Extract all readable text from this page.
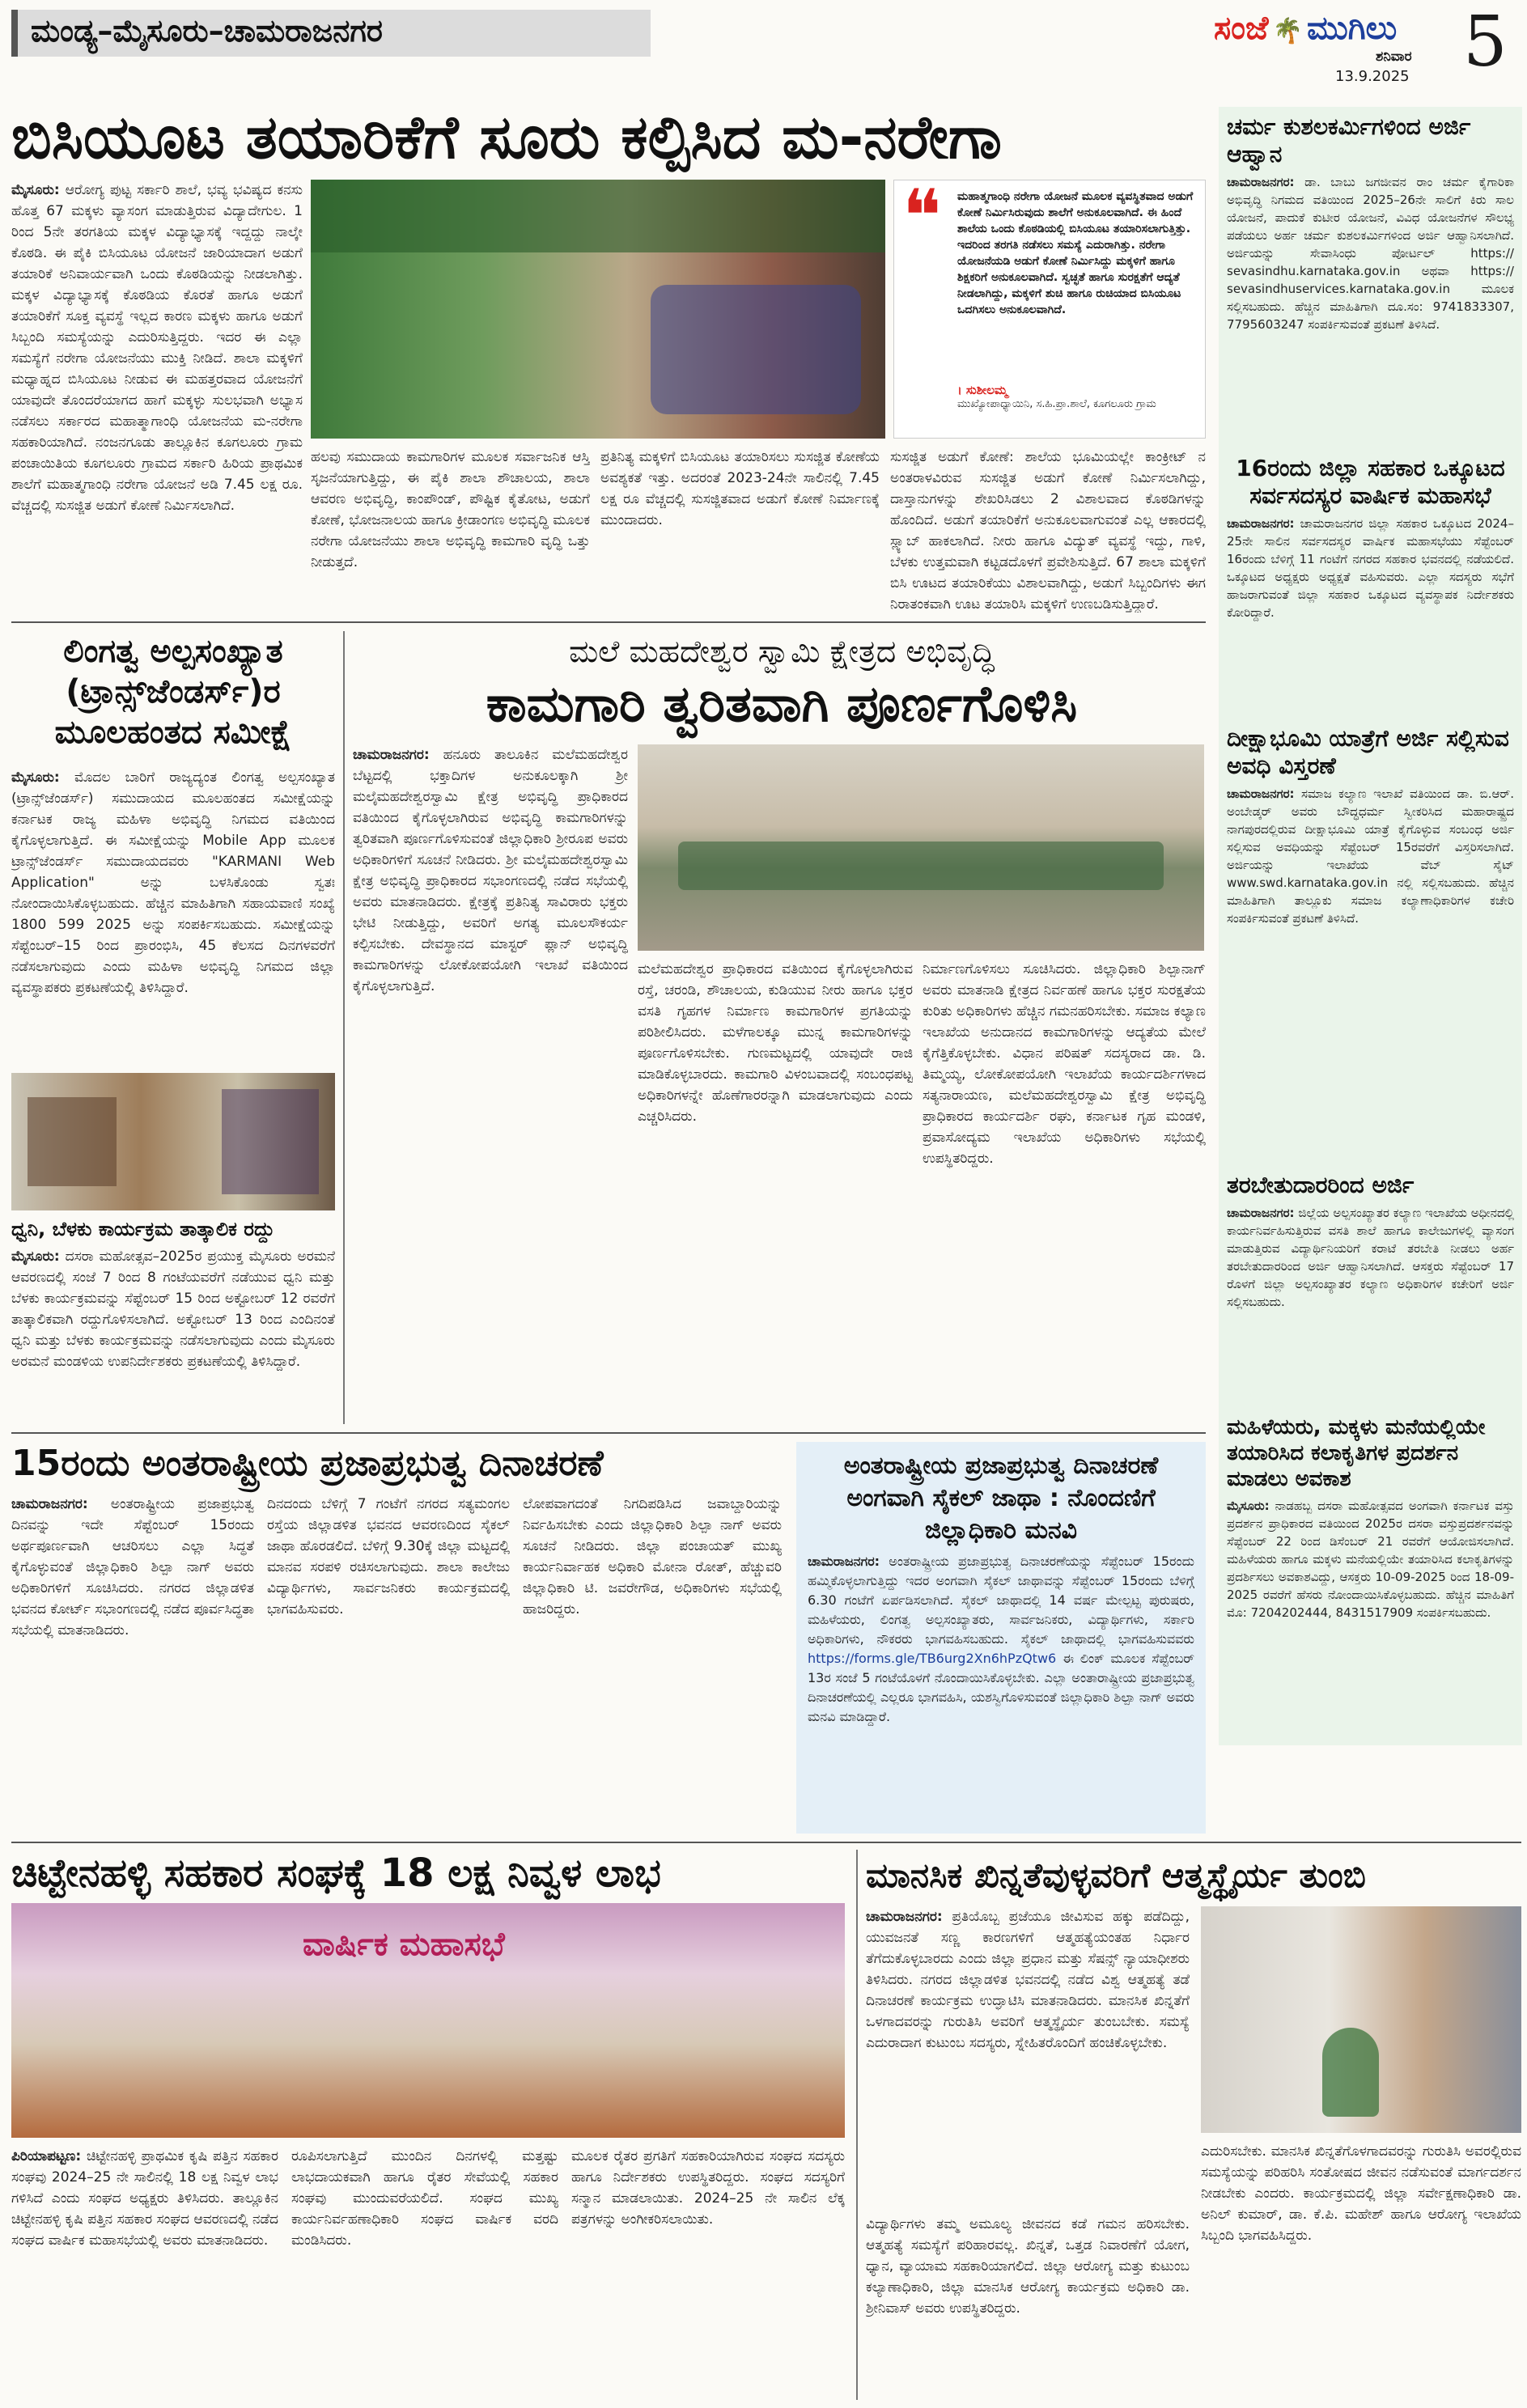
ಮಂಡ್ಯ–ಮೈಸೂರು–ಚಾಮರಾಜನಗರ	ಸಂಜೆ 🌴 ಮುಗಿಲು
ಶನಿವಾರ
13.9.2025 5
ಬಿಸಿಯೂಟ ತಯಾರಿಕೆಗೆ ಸೂರು ಕಲ್ಪಿಸಿದ ಮ-ನರೇಗಾ
ಮೈಸೂರು: ಆರೋಗ್ಯ ಪುಟ್ಟ ಸರ್ಕಾರಿ ಶಾಲೆ, ಭವ್ಯ ಭವಿಷ್ಯದ ಕನಸು ಹೊತ್ತ 67 ಮಕ್ಕಳು ವ್ಯಾಸಂಗ ಮಾಡುತ್ತಿರುವ ವಿದ್ಯಾದೇಗುಲ. 1 ರಿಂದ 5ನೇ ತರಗತಿಯ ಮಕ್ಕಳ ವಿದ್ಯಾಭ್ಯಾಸಕ್ಕೆ ಇದ್ದದ್ದು ನಾಲ್ಕೇ ಕೊಠಡಿ. ಈ ಪೈಕಿ ಬಿಸಿಯೂಟ ಯೋಜನೆ ಜಾರಿಯಾದಾಗ ಅಡುಗೆ ತಯಾರಿಕೆ ಅನಿವಾರ್ಯವಾಗಿ ಒಂದು ಕೊಠಡಿಯನ್ನು ನೀಡಲಾಗಿತ್ತು. ಮಕ್ಕಳ ವಿದ್ಯಾಭ್ಯಾಸಕ್ಕೆ ಕೊಠಡಿಯ ಕೊರತೆ ಹಾಗೂ ಅಡುಗೆ ತಯಾರಿಕೆಗೆ ಸೂಕ್ತ ವ್ಯವಸ್ಥೆ ಇಲ್ಲದ ಕಾರಣ ಮಕ್ಕಳು ಹಾಗೂ ಅಡುಗೆ ಸಿಬ್ಬಂದಿ ಸಮಸ್ಯೆಯನ್ನು ಎದುರಿಸುತ್ತಿದ್ದರು. ಇದರ ಈ ಎಲ್ಲಾ ಸಮಸ್ಯೆಗೆ ನರೇಗಾ ಯೋಜನೆಯು ಮುಕ್ತಿ ನೀಡಿದೆ. ಶಾಲಾ ಮಕ್ಕಳಿಗೆ ಮಧ್ಯಾಹ್ನದ ಬಿಸಿಯೂಟ ನೀಡುವ ಈ ಮಹತ್ತರವಾದ ಯೋಜನೆಗೆ ಯಾವುದೇ ತೊಂದರೆಯಾಗದ ಹಾಗೆ ಮಕ್ಕಳ್ಳು ಸುಲಭವಾಗಿ ಅಭ್ಯಾಸ ನಡೆಸಲು ಸರ್ಕಾರದ ಮಹಾತ್ಮಾಗಾಂಧಿ ಯೋಜನೆಯ ಮ-ನರೇಗಾ ಸಹಕಾರಿಯಾಗಿದೆ. ನಂಜನಗೂಡು ತಾಲ್ಲೂಕಿನ ಕೂಗಲೂರು ಗ್ರಾಮ ಪಂಚಾಯಿತಿಯ ಕೂಗಲೂರು ಗ್ರಾಮದ ಸರ್ಕಾರಿ ಹಿರಿಯ ಪ್ರಾಥಮಿಕ ಶಾಲೆಗೆ ಮಹಾತ್ಮಗಾಂಧಿ ನರೇಗಾ ಯೋಜನೆ ಅಡಿ 7.45 ಲಕ್ಷ ರೂ. ವೆಚ್ಚದಲ್ಲಿ ಸುಸಜ್ಜಿತ ಅಡುಗೆ ಕೋಣೆ ನಿರ್ಮಿಸಲಾಗಿದೆ.
ಹಲವು ಸಮುದಾಯ ಕಾಮಗಾರಿಗಳ ಮೂಲಕ ಸರ್ವಾಜನಿಕ ಆಸ್ತಿ ಸೃಜನೆಯಾಗುತ್ತಿದ್ದು, ಈ ಪೈಕಿ ಶಾಲಾ ಶೌಚಾಲಯ, ಶಾಲಾ ಆವರಣ ಅಭಿವೃದ್ಧಿ, ಕಾಂಪೌಂಡ್, ಪೌಷ್ಟಿಕ ಕೈತೋಟ, ಅಡುಗೆ ಕೋಣೆ, ಭೋಜನಾಲಯ ಹಾಗೂ ಕ್ರೀಡಾಂಗಣ ಅಭಿವೃದ್ಧಿ ಮೂಲಕ ನರೇಗಾ ಯೋಜನೆಯು ಶಾಲಾ ಅಭಿವೃದ್ಧಿ ಕಾಮಗಾರಿ ವೃದ್ಧಿ ಒತ್ತು ನೀಡುತ್ತದೆ.
ಪ್ರತಿನಿತ್ಯ ಮಕ್ಕಳಿಗೆ ಬಿಸಿಯೂಟ ತಯಾರಿಸಲು ಸುಸಜ್ಜಿತ ಕೋಣೆಯ ಅವಶ್ಯಕತೆ ಇತ್ತು. ಅದರಂತೆ 2023-24ನೇ ಸಾಲಿನಲ್ಲಿ 7.45 ಲಕ್ಷ ರೂ ವೆಚ್ಚದಲ್ಲಿ ಸುಸಜ್ಜಿತವಾದ ಅಡುಗೆ ಕೋಣೆ ನಿರ್ಮಾಣಕ್ಕೆ ಮುಂದಾದರು.
ಸುಸಜ್ಜಿತ ಅಡುಗೆ ಕೋಣೆ: ಶಾಲೆಯ ಭೂಮಿಯಲ್ಲೇ ಕಾಂಕ್ರೀಟ್ ನ ಅಂತರಾಳವಿರುವ ಸುಸಜ್ಜಿತ ಅಡುಗೆ ಕೋಣೆ ನಿರ್ಮಿಸಲಾಗಿದ್ದು, ದಾಸ್ತಾನುಗಳನ್ನು ಶೇಖರಿಸಿಡಲು 2 ವಿಶಾಲವಾದ ಕೊಠಡಿಗಳನ್ನು ಹೊಂದಿದೆ. ಅಡುಗೆ ತಯಾರಿಕೆಗೆ ಅನುಕೂಲವಾಗುವಂತೆ ಎಲ್ಲ ಆಕಾರದಲ್ಲಿ ಸ್ಲ್ಯಾಬ್ ಹಾಕಲಾಗಿದೆ. ನೀರು ಹಾಗೂ ವಿದ್ಯುತ್ ವ್ಯವಸ್ಥೆ ಇದ್ದು, ಗಾಳಿ, ಬೆಳಕು ಉತ್ತಮವಾಗಿ ಕಟ್ಟಡದೊಳಗೆ ಪ್ರವೇಶಿಸುತ್ತಿದೆ. 67 ಶಾಲಾ ಮಕ್ಕಳಿಗೆ ಬಿಸಿ ಊಟದ ತಯಾರಿಕೆಯು ವಿಶಾಲವಾಗಿದ್ದು, ಅಡುಗೆ ಸಿಬ್ಬಂದಿಗಳು ಈಗ ನಿರಾತಂಕವಾಗಿ ಊಟ ತಯಾರಿಸಿ ಮಕ್ಕಳಿಗೆ ಉಣಬಡಿಸುತ್ತಿದ್ದಾರೆ.
❝ ಮಹಾತ್ಮಗಾಂಧಿ ನರೇಗಾ ಯೋಜನೆ ಮೂಲಕ ವ್ಯವಸ್ಥಿತವಾದ ಅಡುಗೆ ಕೋಣೆ ನಿರ್ಮಿಸಿರುವುದು ಶಾಲೆಗೆ ಅನುಕೂಲವಾಗಿದೆ. ಈ ಹಿಂದೆ ಶಾಲೆಯ ಒಂದು ಕೊಠಡಿಯಲ್ಲಿ ಬಿಸಿಯೂಟ ತಯಾರಿಸಲಾಗುತ್ತಿತ್ತು. ಇದರಿಂದ ತರಗತಿ ನಡೆಸಲು ಸಮಸ್ಯೆ ಎದುರಾಗಿತ್ತು. ನರೇಗಾ ಯೋಜನೆಯಡಿ ಅಡುಗೆ ಕೋಣೆ ನಿರ್ಮಿಸಿದ್ದು ಮಕ್ಕಳಿಗೆ ಹಾಗೂ ಶಿಕ್ಷಕರಿಗೆ ಅನುಕೂಲವಾಗಿದೆ. ಸ್ವಚ್ಛತೆ ಹಾಗೂ ಸುರಕ್ಷತೆಗೆ ಆದ್ಯತೆ ನೀಡಲಾಗಿದ್ದು, ಮಕ್ಕಳಿಗೆ ಶುಚಿ ಹಾಗೂ ರುಚಿಯಾದ ಬಿಸಿಯೂಟ ಒದಗಿಸಲು ಅನುಕೂಲವಾಗಿದೆ.
। ಸುಶೀಲಮ್ಮ
ಮುಖ್ಯೋಪಾಧ್ಯಾಯಿನಿ, ಸ.ಹಿ.ಪ್ರಾ.ಶಾಲೆ, ಕೂಗಲೂರು ಗ್ರಾಮ
ಚರ್ಮ ಕುಶಲಕರ್ಮಿಗಳಿಂದ ಅರ್ಜಿ ಆಹ್ವಾನ
ಚಾಮರಾಜನಗರ: ಡಾ. ಬಾಬು ಜಗಜೀವನ ರಾಂ ಚರ್ಮ ಕೈಗಾರಿಕಾ ಅಭಿವೃದ್ಧಿ ನಿಗಮದ ವತಿಯಿಂದ 2025–26ನೇ ಸಾಲಿಗೆ ಕಿರು ಸಾಲ ಯೋಜನೆ, ಪಾದುಕೆ ಕುಟೀರ ಯೋಜನೆ, ವಿವಿಧ ಯೋಜನೆಗಳ ಸೌಲಭ್ಯ ಪಡೆಯಲು ಅರ್ಹ ಚರ್ಮ ಕುಶಲಕರ್ಮಿಗಳಿಂದ ಅರ್ಜಿ ಆಹ್ವಾನಿಸಲಾಗಿದೆ. ಅರ್ಜಿಯನ್ನು ಸೇವಾಸಿಂಧು ಪೋರ್ಟಲ್	https:// sevasindhu.karnataka.gov.in ಅಥವಾ https:// sevasindhuservices.karnataka.gov.in	ಮೂಲಕ ಸಲ್ಲಿಸಬಹುದು. ಹೆಚ್ಚಿನ ಮಾಹಿತಿಗಾಗಿ ದೂ.ಸಂ: 9741833307, 7795603247 ಸಂಪರ್ಕಿಸುವಂತೆ ಪ್ರಕಟಣೆ ತಿಳಿಸಿದೆ.
16ರಂದು ಜಿಲ್ಲಾ ಸಹಕಾರ ಒಕ್ಕೂಟದ ಸರ್ವಸದಸ್ಯರ ವಾರ್ಷಿಕ ಮಹಾಸಭೆ
ಚಾಮರಾಜನಗರ: ಚಾಮರಾಜನಗರ ಜಿಲ್ಲಾ ಸಹಕಾರ ಒಕ್ಕೂಟದ 2024–25ನೇ ಸಾಲಿನ ಸರ್ವಸದಸ್ಯರ ವಾರ್ಷಿಕ ಮಹಾಸಭೆಯು ಸೆಪ್ಟೆಂಬರ್ 16ರಂದು ಬೆಳಿಗ್ಗೆ 11 ಗಂಟೆಗೆ ನಗರದ ಸಹಕಾರ ಭವನದಲ್ಲಿ ನಡೆಯಲಿದೆ. ಒಕ್ಕೂಟದ ಅಧ್ಯಕ್ಷರು ಅಧ್ಯಕ್ಷತೆ ವಹಿಸುವರು. ಎಲ್ಲಾ ಸದಸ್ಯರು ಸಭೆಗೆ ಹಾಜರಾಗುವಂತೆ ಜಿಲ್ಲಾ ಸಹಕಾರ ಒಕ್ಕೂಟದ ವ್ಯವಸ್ಥಾಪಕ ನಿರ್ದೇಶಕರು ಕೋರಿದ್ದಾರೆ.
ದೀಕ್ಷಾಭೂಮಿ ಯಾತ್ರೆಗೆ ಅರ್ಜಿ ಸಲ್ಲಿಸುವ ಅವಧಿ ವಿಸ್ತರಣೆ
ಚಾಮರಾಜನಗರ: ಸಮಾಜ ಕಲ್ಯಾಣ ಇಲಾಖೆ ವತಿಯಿಂದ ಡಾ. ಬಿ.ಆರ್. ಅಂಬೇಡ್ಕರ್ ಅವರು ಬೌದ್ಧಧರ್ಮ ಸ್ವೀಕರಿಸಿದ ಮಹಾರಾಷ್ಟ್ರದ ನಾಗಪುರದಲ್ಲಿರುವ ದೀಕ್ಷಾಭೂಮಿ ಯಾತ್ರೆ ಕೈಗೊಳ್ಳುವ ಸಂಬಂಧ ಅರ್ಜಿ ಸಲ್ಲಿಸುವ ಅವಧಿಯನ್ನು ಸೆಪ್ಟೆಂಬರ್ 15ರವರೆಗೆ ವಿಸ್ತರಿಸಲಾಗಿದೆ. ಅರ್ಜಿಯನ್ನು ಇಲಾಖೆಯ ವೆಬ್ ಸೈಟ್ www.swd.karnataka.gov.in ನಲ್ಲಿ ಸಲ್ಲಿಸಬಹುದು. ಹೆಚ್ಚಿನ ಮಾಹಿತಿಗಾಗಿ ತಾಲ್ಲೂಕು ಸಮಾಜ ಕಲ್ಯಾಣಾಧಿಕಾರಿಗಳ ಕಚೇರಿ ಸಂಪರ್ಕಿಸುವಂತೆ ಪ್ರಕಟಣೆ ತಿಳಿಸಿದೆ.
ತರಬೇತುದಾರರಿಂದ ಅರ್ಜಿ
ಚಾಮರಾಜನಗರ: ಜಿಲ್ಲೆಯ ಅಲ್ಪಸಂಖ್ಯಾತರ ಕಲ್ಯಾಣ ಇಲಾಖೆಯ ಅಧೀನದಲ್ಲಿ ಕಾರ್ಯನಿರ್ವಹಿಸುತ್ತಿರುವ ವಸತಿ ಶಾಲೆ ಹಾಗೂ ಕಾಲೇಜುಗಳಲ್ಲಿ ವ್ಯಾಸಂಗ ಮಾಡುತ್ತಿರುವ ವಿದ್ಯಾರ್ಥಿನಿಯರಿಗೆ ಕರಾಟೆ ತರಬೇತಿ ನೀಡಲು ಅರ್ಹ ತರಬೇತುದಾರರಿಂದ ಅರ್ಜಿ ಆಹ್ವಾನಿಸಲಾಗಿದೆ. ಆಸಕ್ತರು ಸೆಪ್ಟೆಂಬರ್ 17 ರೊಳಗೆ ಜಿಲ್ಲಾ ಅಲ್ಪಸಂಖ್ಯಾತರ ಕಲ್ಯಾಣ ಅಧಿಕಾರಿಗಳ ಕಚೇರಿಗೆ ಅರ್ಜಿ ಸಲ್ಲಿಸಬಹುದು.
ಮಹಿಳೆಯರು, ಮಕ್ಕಳು ಮನೆಯಲ್ಲಿಯೇ ತಯಾರಿಸಿದ ಕಲಾಕೃತಿಗಳ ಪ್ರದರ್ಶನ ಮಾಡಲು ಅವಕಾಶ
ಮೈಸೂರು: ನಾಡಹಬ್ಬ ದಸರಾ ಮಹೋತ್ಸವದ ಅಂಗವಾಗಿ ಕರ್ನಾಟಕ ವಸ್ತು ಪ್ರದರ್ಶನ ಪ್ರಾಧಿಕಾರದ ವತಿಯಿಂದ 2025ರ ದಸರಾ ವಸ್ತುಪ್ರದರ್ಶನವನ್ನು ಸೆಪ್ಟೆಂಬರ್ 22 ರಿಂದ ಡಿಸೆಂಬರ್ 21 ರವರೆಗೆ ಆಯೋಜಿಸಲಾಗಿದೆ. ಮಹಿಳೆಯರು ಹಾಗೂ ಮಕ್ಕಳು ಮನೆಯಲ್ಲಿಯೇ ತಯಾರಿಸಿದ ಕಲಾಕೃತಿಗಳನ್ನು ಪ್ರದರ್ಶಿಸಲು ಅವಕಾಶವಿದ್ದು, ಆಸಕ್ತರು 10-09-2025 ರಿಂದ 18-09-2025 ರವರೆಗೆ ಹೆಸರು ನೋಂದಾಯಿಸಿಕೊಳ್ಳಬಹುದು. ಹೆಚ್ಚಿನ ಮಾಹಿತಿಗೆ ಮೊ: 7204202444, 8431517909 ಸಂಪರ್ಕಿಸಬಹುದು.
ಲಿಂಗತ್ವ ಅಲ್ಪಸಂಖ್ಯಾತ (ಟ್ರಾನ್ಸ್‌ಜೆಂಡರ್ಸ್)ರ ಮೂಲಹಂತದ ಸಮೀಕ್ಷೆ
ಮೈಸೂರು: ಮೊದಲ ಬಾರಿಗೆ ರಾಜ್ಯದ್ಯಂತ ಲಿಂಗತ್ವ ಅಲ್ಪಸಂಖ್ಯಾತ (ಟ್ರಾನ್ಸ್‌ಜೆಂಡರ್ಸ್) ಸಮುದಾಯದ ಮೂಲಹಂತದ ಸಮೀಕ್ಷೆಯನ್ನು ಕರ್ನಾಟಕ ರಾಜ್ಯ ಮಹಿಳಾ ಅಭಿವೃದ್ಧಿ ನಿಗಮದ ವತಿಯಿಂದ ಕೈಗೊಳ್ಳಲಾಗುತ್ತಿದೆ. ಈ ಸಮೀಕ್ಷೆಯನ್ನು Mobile App ಮೂಲಕ ಟ್ರಾನ್ಸ್‌ಜೆಂಡರ್ಸ್ ಸಮುದಾಯದವರು "KARMANI Web Application" ಅನ್ನು ಬಳಸಿಕೊಂಡು ಸ್ವತಃ ನೋಂದಾಯಿಸಿಕೊಳ್ಳಬಹುದು. ಹೆಚ್ಚಿನ ಮಾಹಿತಿಗಾಗಿ ಸಹಾಯವಾಣಿ ಸಂಖ್ಯೆ 1800 599 2025 ಅನ್ನು ಸಂಪರ್ಕಿಸಬಹುದು. ಸಮೀಕ್ಷೆಯನ್ನು ಸೆಪ್ಟೆಂಬರ್–15 ರಿಂದ ಪ್ರಾರಂಭಿಸಿ, 45 ಕೆಲಸದ ದಿನಗಳವರೆಗೆ ನಡೆಸಲಾಗುವುದು ಎಂದು ಮಹಿಳಾ ಅಭಿವೃದ್ಧಿ ನಿಗಮದ ಜಿಲ್ಲಾ ವ್ಯವಸ್ಥಾಪಕರು ಪ್ರಕಟಣೆಯಲ್ಲಿ ತಿಳಿಸಿದ್ದಾರೆ.
ಧ್ವನಿ, ಬೆಳಕು ಕಾರ್ಯಕ್ರಮ ತಾತ್ಕಾಲಿಕ ರದ್ದು
ಮೈಸೂರು: ದಸರಾ ಮಹೋತ್ಸವ–2025ರ ಪ್ರಯುಕ್ತ ಮೈಸೂರು ಅರಮನೆ ಆವರಣದಲ್ಲಿ ಸಂಜೆ 7 ರಿಂದ 8 ಗಂಟೆಯವರೆಗೆ ನಡೆಯುವ ಧ್ವನಿ ಮತ್ತು ಬೆಳಕು ಕಾರ್ಯಕ್ರಮವನ್ನು ಸೆಪ್ಟೆಂಬರ್ 15 ರಿಂದ ಅಕ್ಟೋಬರ್ 12 ರವರೆಗೆ ತಾತ್ಕಾಲಿಕವಾಗಿ ರದ್ದುಗೊಳಿಸಲಾಗಿದೆ. ಅಕ್ಟೋಬರ್ 13 ರಿಂದ ಎಂದಿನಂತೆ ಧ್ವನಿ ಮತ್ತು ಬೆಳಕು ಕಾರ್ಯಕ್ರಮವನ್ನು ನಡೆಸಲಾಗುವುದು ಎಂದು ಮೈಸೂರು ಅರಮನೆ ಮಂಡಳಿಯ ಉಪನಿರ್ದೇಶಕರು ಪ್ರಕಟಣೆಯಲ್ಲಿ ತಿಳಿಸಿದ್ದಾರೆ.
ಮಲೆ ಮಹದೇಶ್ವರ ಸ್ವಾಮಿ ಕ್ಷೇತ್ರದ ಅಭಿವೃದ್ಧಿ
ಕಾಮಗಾರಿ ತ್ವರಿತವಾಗಿ ಪೂರ್ಣಗೊಳಿಸಿ
ಚಾಮರಾಜನಗರ: ಹನೂರು ತಾಲೂಕಿನ ಮಲೆಮಹದೇಶ್ವರ ಬೆಟ್ಟದಲ್ಲಿ ಭಕ್ತಾದಿಗಳ ಅನುಕೂಲಕ್ಕಾಗಿ ಶ್ರೀ ಮಲೈಮಹದೇಶ್ವರಸ್ವಾಮಿ ಕ್ಷೇತ್ರ ಅಭಿವೃದ್ಧಿ ಪ್ರಾಧಿಕಾರದ ವತಿಯಿಂದ ಕೈಗೊಳ್ಳಲಾಗಿರುವ ಅಭಿವೃದ್ಧಿ ಕಾಮಗಾರಿಗಳನ್ನು ತ್ವರಿತವಾಗಿ ಪೂರ್ಣಗೊಳಿಸುವಂತೆ ಜಿಲ್ಲಾಧಿಕಾರಿ ಶ್ರೀರೂಪ ಅವರು ಅಧಿಕಾರಿಗಳಿಗೆ ಸೂಚನೆ ನೀಡಿದರು. ಶ್ರೀ ಮಲೈಮಹದೇಶ್ವರಸ್ವಾಮಿ ಕ್ಷೇತ್ರ ಅಭಿವೃದ್ಧಿ ಪ್ರಾಧಿಕಾರದ ಸಭಾಂಗಣದಲ್ಲಿ ನಡೆದ ಸಭೆಯಲ್ಲಿ ಅವರು ಮಾತನಾಡಿದರು. ಕ್ಷೇತ್ರಕ್ಕೆ ಪ್ರತಿನಿತ್ಯ ಸಾವಿರಾರು ಭಕ್ತರು ಭೇಟಿ ನೀಡುತ್ತಿದ್ದು, ಅವರಿಗೆ ಅಗತ್ಯ ಮೂಲಸೌಕರ್ಯ ಕಲ್ಪಿಸಬೇಕು. ದೇವಸ್ಥಾನದ ಮಾಸ್ಟರ್ ಪ್ಲಾನ್ ಅಭಿವೃದ್ಧಿ ಕಾಮಗಾರಿಗಳನ್ನು ಲೋಕೋಪಯೋಗಿ ಇಲಾಖೆ ವತಿಯಿಂದ ಕೈಗೊಳ್ಳಲಾಗುತ್ತಿದೆ.
ಮಲೆಮಹದೇಶ್ವರ ಪ್ರಾಧಿಕಾರದ ವತಿಯಿಂದ ಕೈಗೊಳ್ಳಲಾಗಿರುವ ರಸ್ತೆ, ಚರಂಡಿ, ಶೌಚಾಲಯ, ಕುಡಿಯುವ ನೀರು ಹಾಗೂ ಭಕ್ತರ ವಸತಿ ಗೃಹಗಳ ನಿರ್ಮಾಣ ಕಾಮಗಾರಿಗಳ ಪ್ರಗತಿಯನ್ನು ಪರಿಶೀಲಿಸಿದರು. ಮಳೆಗಾಲಕ್ಕೂ ಮುನ್ನ ಕಾಮಗಾರಿಗಳನ್ನು ಪೂರ್ಣಗೊಳಿಸಬೇಕು. ಗುಣಮಟ್ಟದಲ್ಲಿ ಯಾವುದೇ ರಾಜಿ ಮಾಡಿಕೊಳ್ಳಬಾರದು. ಕಾಮಗಾರಿ ವಿಳಂಬವಾದಲ್ಲಿ ಸಂಬಂಧಪಟ್ಟ ಅಧಿಕಾರಿಗಳನ್ನೇ ಹೊಣೆಗಾರರನ್ನಾಗಿ ಮಾಡಲಾಗುವುದು ಎಂದು ಎಚ್ಚರಿಸಿದರು.
ನಿರ್ಮಾಣಗೊಳಿಸಲು ಸೂಚಿಸಿದರು. ಜಿಲ್ಲಾಧಿಕಾರಿ ಶಿಲ್ಪಾನಾಗ್ ಅವರು ಮಾತನಾಡಿ ಕ್ಷೇತ್ರದ ನಿರ್ವಹಣೆ ಹಾಗೂ ಭಕ್ತರ ಸುರಕ್ಷತೆಯ ಕುರಿತು ಅಧಿಕಾರಿಗಳು ಹೆಚ್ಚಿನ ಗಮನಹರಿಸಬೇಕು. ಸಮಾಜ ಕಲ್ಯಾಣ ಇಲಾಖೆಯ ಅನುದಾನದ ಕಾಮಗಾರಿಗಳನ್ನು ಆದ್ಯತೆಯ ಮೇಲೆ ಕೈಗೆತ್ತಿಕೊಳ್ಳಬೇಕು. ವಿಧಾನ ಪರಿಷತ್ ಸದಸ್ಯರಾದ ಡಾ. ಡಿ. ತಿಮ್ಮಯ್ಯ, ಲೋಕೋಪಯೋಗಿ ಇಲಾಖೆಯ ಕಾರ್ಯದರ್ಶಿಗಳಾದ ಸತ್ಯನಾರಾಯಣ, ಮಲೆಮಹದೇಶ್ವರಸ್ವಾಮಿ ಕ್ಷೇತ್ರ ಅಭಿವೃದ್ಧಿ ಪ್ರಾಧಿಕಾರದ ಕಾರ್ಯದರ್ಶಿ ರಘು, ಕರ್ನಾಟಕ ಗೃಹ ಮಂಡಳಿ, ಪ್ರವಾಸೋದ್ಯಮ ಇಲಾಖೆಯ ಅಧಿಕಾರಿಗಳು ಸಭೆಯಲ್ಲಿ ಉಪಸ್ಥಿತರಿದ್ದರು.
15ರಂದು ಅಂತರಾಷ್ಟ್ರೀಯ ಪ್ರಜಾಪ್ರಭುತ್ವ ದಿನಾಚರಣೆ
ಚಾಮರಾಜನಗರ: ಅಂತರಾಷ್ಟ್ರೀಯ ಪ್ರಜಾಪ್ರಭುತ್ವ ದಿನವನ್ನು ಇದೇ ಸೆಪ್ಟೆಂಬರ್ 15ರಂದು ಅರ್ಥಪೂರ್ಣವಾಗಿ ಆಚರಿಸಲು ಎಲ್ಲಾ ಸಿದ್ಧತೆ ಕೈಗೊಳ್ಳುವಂತೆ ಜಿಲ್ಲಾಧಿಕಾರಿ ಶಿಲ್ಪಾ ನಾಗ್ ಅವರು ಅಧಿಕಾರಿಗಳಿಗೆ ಸೂಚಿಸಿದರು. ನಗರದ ಜಿಲ್ಲಾಡಳಿತ ಭವನದ ಕೋರ್ಟ್ ಸಭಾಂಗಣದಲ್ಲಿ ನಡೆದ ಪೂರ್ವಸಿದ್ಧತಾ ಸಭೆಯಲ್ಲಿ ಮಾತನಾಡಿದರು.
ದಿನದಂದು ಬೆಳಿಗ್ಗೆ 7 ಗಂಟೆಗೆ ನಗರದ ಸತ್ಯಮಂಗಲ ರಸ್ತೆಯ ಜಿಲ್ಲಾಡಳಿತ ಭವನದ ಆವರಣದಿಂದ ಸೈಕಲ್ ಜಾಥಾ ಹೊರಡಲಿದೆ. ಬೆಳಿಗ್ಗೆ 9.30ಕ್ಕೆ ಜಿಲ್ಲಾ ಮಟ್ಟದಲ್ಲಿ ಮಾನವ ಸರಪಳಿ ರಚಿಸಲಾಗುವುದು. ಶಾಲಾ ಕಾಲೇಜು ವಿದ್ಯಾರ್ಥಿಗಳು, ಸಾರ್ವಜನಿಕರು ಕಾರ್ಯಕ್ರಮದಲ್ಲಿ ಭಾಗವಹಿಸುವರು.
ಲೋಪವಾಗದಂತೆ ನಿಗದಿಪಡಿಸಿದ ಜವಾಬ್ದಾರಿಯನ್ನು ನಿರ್ವಹಿಸಬೇಕು ಎಂದು ಜಿಲ್ಲಾಧಿಕಾರಿ ಶಿಲ್ಪಾ ನಾಗ್ ಅವರು ಸೂಚನೆ ನೀಡಿದರು. ಜಿಲ್ಲಾ ಪಂಚಾಯತ್ ಮುಖ್ಯ ಕಾರ್ಯನಿರ್ವಾಹಕ ಅಧಿಕಾರಿ ಮೋನಾ ರೋತ್, ಹೆಚ್ಚುವರಿ ಜಿಲ್ಲಾಧಿಕಾರಿ ಟಿ. ಜವರೇಗೌಡ, ಅಧಿಕಾರಿಗಳು ಸಭೆಯಲ್ಲಿ ಹಾಜರಿದ್ದರು.
ಅಂತರಾಷ್ಟ್ರೀಯ ಪ್ರಜಾಪ್ರಭುತ್ವ ದಿನಾಚರಣೆ ಅಂಗವಾಗಿ ಸೈಕಲ್ ಜಾಥಾ : ನೊಂದಣಿಗೆ ಜಿಲ್ಲಾಧಿಕಾರಿ ಮನವಿ
ಚಾಮರಾಜನಗರ: ಅಂತರಾಷ್ಟ್ರೀಯ ಪ್ರಜಾಪ್ರಭುತ್ವ ದಿನಾಚರಣೆಯನ್ನು ಸೆಪ್ಟೆಂಬರ್ 15ರಂದು ಹಮ್ಮಿಕೊಳ್ಳಲಾಗುತ್ತಿದ್ದು ಇದರ ಅಂಗವಾಗಿ ಸೈಕಲ್ ಜಾಥಾವನ್ನು ಸೆಪ್ಟೆಂಬರ್ 15ರಂದು ಬೆಳಿಗ್ಗೆ 6.30 ಗಂಟೆಗೆ ಏರ್ಪಡಿಸಲಾಗಿದೆ. ಸೈಕಲ್ ಜಾಥಾದಲ್ಲಿ 14 ವರ್ಷ ಮೇಲ್ಪಟ್ಟ ಪುರುಷರು, ಮಹಿಳೆಯರು, ಲಿಂಗತ್ವ ಅಲ್ಪಸಂಖ್ಯಾತರು, ಸಾರ್ವಜನಿಕರು, ವಿದ್ಯಾರ್ಥಿಗಳು, ಸರ್ಕಾರಿ ಅಧಿಕಾರಿಗಳು, ನೌಕರರು ಭಾಗವಹಿಸಬಹುದು. ಸೈಕಲ್ ಜಾಥಾದಲ್ಲಿ ಭಾಗವಹಿಸುವವರು https://forms.gle/TB6urg2Xn6hPzQtw6 ಈ ಲಿಂಕ್ ಮೂಲಕ ಸೆಪ್ಟೆಂಬರ್ 13ರ ಸಂಜೆ 5 ಗಂಟೆಯೊಳಗೆ ನೊಂದಾಯಿಸಿಕೊಳ್ಳಬೇಕು. ಎಲ್ಲಾ ಅಂತಾರಾಷ್ಟ್ರೀಯ ಪ್ರಜಾಪ್ರಭುತ್ವ ದಿನಾಚರಣೆಯಲ್ಲಿ ಎಲ್ಲರೂ ಭಾಗವಹಿಸಿ, ಯಶಸ್ವಿಗೊಳಿಸುವಂತೆ ಜಿಲ್ಲಾಧಿಕಾರಿ ಶಿಲ್ಪಾ ನಾಗ್ ಅವರು ಮನವಿ ಮಾಡಿದ್ದಾರೆ.
ಚಿಟ್ಟೇನಹಳ್ಳಿ ಸಹಕಾರ ಸಂಘಕ್ಕೆ 18 ಲಕ್ಷ ನಿವ್ವಳ ಲಾಭ
ವಾರ್ಷಿಕ ಮಹಾಸಭೆ
ಪಿರಿಯಾಪಟ್ಟಣ: ಚಿಟ್ಟೇನಹಳ್ಳಿ ಪ್ರಾಥಮಿಕ ಕೃಷಿ ಪತ್ತಿನ ಸಹಕಾರ ಸಂಘವು 2024–25 ನೇ ಸಾಲಿನಲ್ಲಿ 18 ಲಕ್ಷ ನಿವ್ವಳ ಲಾಭ ಗಳಿಸಿದೆ ಎಂದು ಸಂಘದ ಅಧ್ಯಕ್ಷರು ತಿಳಿಸಿದರು. ತಾಲ್ಲೂಕಿನ ಚಿಟ್ಟೇನಹಳ್ಳಿ ಕೃಷಿ ಪತ್ತಿನ ಸಹಕಾರ ಸಂಘದ ಆವರಣದಲ್ಲಿ ನಡೆದ ಸಂಘದ ವಾರ್ಷಿಕ ಮಹಾಸಭೆಯಲ್ಲಿ ಅವರು ಮಾತನಾಡಿದರು.
ರೂಪಿಸಲಾಗುತ್ತಿದೆ ಮುಂದಿನ ದಿನಗಳಲ್ಲಿ ಮತ್ತಷ್ಟು ಲಾಭದಾಯಕವಾಗಿ ಹಾಗೂ ರೈತರ ಸೇವೆಯಲ್ಲಿ ಸಹಕಾರ ಸಂಘವು ಮುಂದುವರೆಯಲಿದೆ. ಸಂಘದ ಮುಖ್ಯ ಕಾರ್ಯನಿರ್ವಹಣಾಧಿಕಾರಿ ಸಂಘದ ವಾರ್ಷಿಕ ವರದಿ ಮಂಡಿಸಿದರು.
ಮೂಲಕ ರೈತರ ಪ್ರಗತಿಗೆ ಸಹಕಾರಿಯಾಗಿರುವ ಸಂಘದ ಸದಸ್ಯರು ಹಾಗೂ ನಿರ್ದೇಶಕರು ಉಪಸ್ಥಿತರಿದ್ದರು. ಸಂಘದ ಸದಸ್ಯರಿಗೆ ಸನ್ಮಾನ ಮಾಡಲಾಯಿತು. 2024–25 ನೇ ಸಾಲಿನ ಲೆಕ್ಕ ಪತ್ರಗಳನ್ನು ಅಂಗೀಕರಿಸಲಾಯಿತು.
ಮಾನಸಿಕ ಖಿನ್ನತೆವುಳ್ಳವರಿಗೆ ಆತ್ಮಸ್ಥೈರ್ಯ ತುಂಬಿ
ಚಾಮರಾಜನಗರ: ಪ್ರತಿಯೊಬ್ಬ ಪ್ರಜೆಯೂ ಜೀವಿಸುವ ಹಕ್ಕು ಪಡೆದಿದ್ದು, ಯುವಜನತೆ ಸಣ್ಣ ಕಾರಣಗಳಿಗೆ ಆತ್ಮಹತ್ಯೆಯಂತಹ ನಿರ್ಧಾರ ತೆಗೆದುಕೊಳ್ಳಬಾರದು ಎಂದು ಜಿಲ್ಲಾ ಪ್ರಧಾನ ಮತ್ತು ಸೆಷನ್ಸ್ ನ್ಯಾಯಾಧೀಶರು ತಿಳಿಸಿದರು. ನಗರದ ಜಿಲ್ಲಾಡಳಿತ ಭವನದಲ್ಲಿ ನಡೆದ ವಿಶ್ವ ಆತ್ಮಹತ್ಯೆ ತಡೆ ದಿನಾಚರಣೆ ಕಾರ್ಯಕ್ರಮ ಉದ್ಘಾಟಿಸಿ ಮಾತನಾಡಿದರು. ಮಾನಸಿಕ ಖಿನ್ನತೆಗೆ ಒಳಗಾದವರನ್ನು ಗುರುತಿಸಿ ಅವರಿಗೆ ಆತ್ಮಸ್ಥೈರ್ಯ ತುಂಬಬೇಕು. ಸಮಸ್ಯೆ ಎದುರಾದಾಗ ಕುಟುಂಬ ಸದಸ್ಯರು, ಸ್ನೇಹಿತರೊಂದಿಗೆ ಹಂಚಿಕೊಳ್ಳಬೇಕು.
ವಿದ್ಯಾರ್ಥಿಗಳು ತಮ್ಮ ಅಮೂಲ್ಯ ಜೀವನದ ಕಡೆ ಗಮನ ಹರಿಸಬೇಕು. ಆತ್ಮಹತ್ಯೆ ಸಮಸ್ಯೆಗೆ ಪರಿಹಾರವಲ್ಲ. ಖಿನ್ನತೆ, ಒತ್ತಡ ನಿವಾರಣೆಗೆ ಯೋಗ, ಧ್ಯಾನ, ವ್ಯಾಯಾಮ ಸಹಕಾರಿಯಾಗಲಿದೆ. ಜಿಲ್ಲಾ ಆರೋಗ್ಯ ಮತ್ತು ಕುಟುಂಬ ಕಲ್ಯಾಣಾಧಿಕಾರಿ, ಜಿಲ್ಲಾ ಮಾನಸಿಕ ಆರೋಗ್ಯ ಕಾರ್ಯಕ್ರಮ ಅಧಿಕಾರಿ ಡಾ. ಶ್ರೀನಿವಾಸ್ ಅವರು ಉಪಸ್ಥಿತರಿದ್ದರು.
ಎದುರಿಸಬೇಕು. ಮಾನಸಿಕ ಖಿನ್ನತೆಗೊಳಗಾದವರನ್ನು ಗುರುತಿಸಿ ಅವರಲ್ಲಿರುವ ಸಮಸ್ಯೆಯನ್ನು ಪರಿಹರಿಸಿ ಸಂತೋಷದ ಜೀವನ ನಡೆಸುವಂತೆ ಮಾರ್ಗದರ್ಶನ ನೀಡಬೇಕು ಎಂದರು. ಕಾರ್ಯಕ್ರಮದಲ್ಲಿ ಜಿಲ್ಲಾ ಸರ್ವೇಕ್ಷಣಾಧಿಕಾರಿ ಡಾ. ಅನಿಲ್ ಕುಮಾರ್, ಡಾ. ಕೆ.ಪಿ. ಮಹೇಶ್ ಹಾಗೂ ಆರೋಗ್ಯ ಇಲಾಖೆಯ ಸಿಬ್ಬಂದಿ ಭಾಗವಹಿಸಿದ್ದರು.
